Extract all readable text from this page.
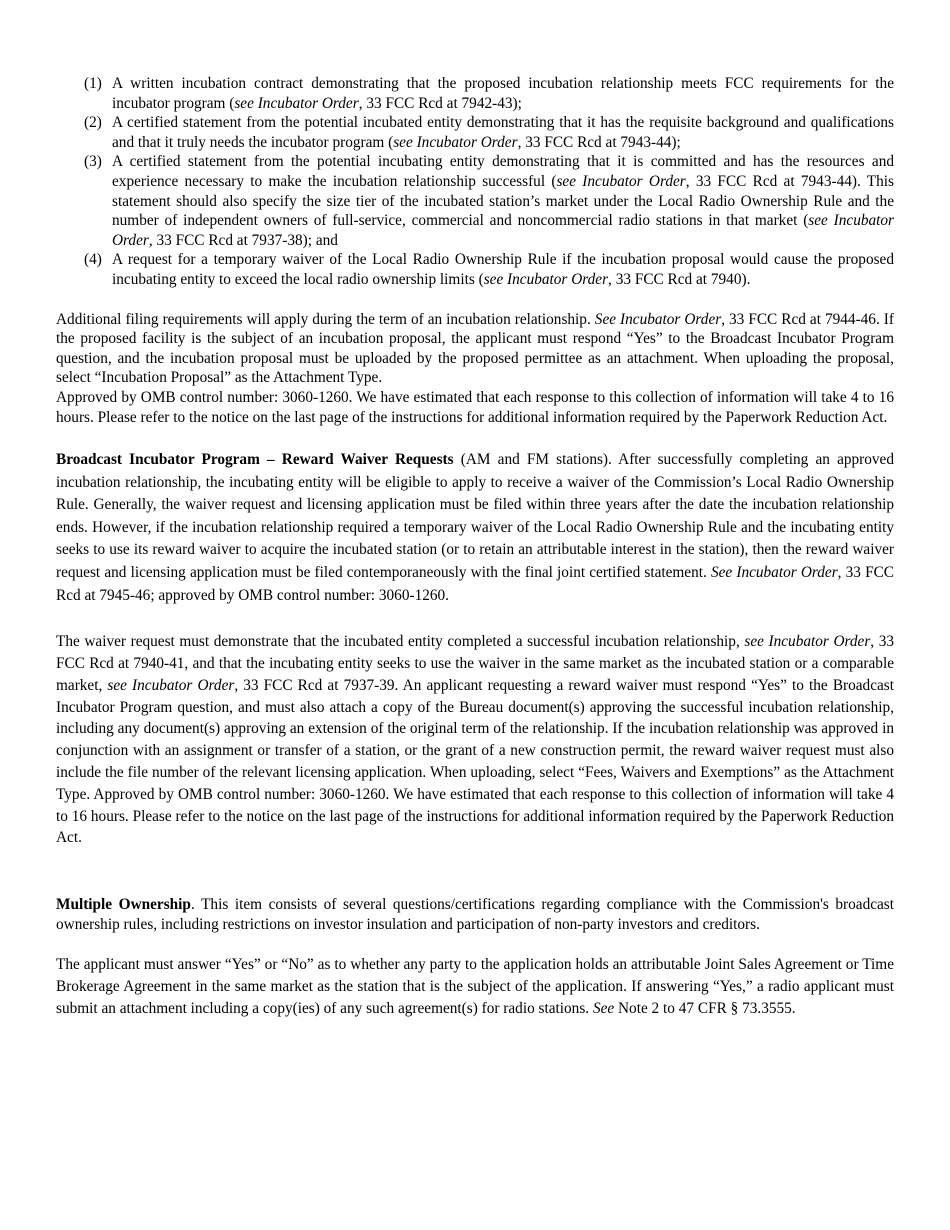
(1) A written incubation contract demonstrating that the proposed incubation relationship meets FCC requirements for the incubator program (see Incubator Order, 33 FCC Rcd at 7942-43);
(2) A certified statement from the potential incubated entity demonstrating that it has the requisite background and qualifications and that it truly needs the incubator program (see Incubator Order, 33 FCC Rcd at 7943-44);
(3) A certified statement from the potential incubating entity demonstrating that it is committed and has the resources and experience necessary to make the incubation relationship successful (see Incubator Order, 33 FCC Rcd at 7943-44). This statement should also specify the size tier of the incubated station’s market under the Local Radio Ownership Rule and the number of independent owners of full-service, commercial and noncommercial radio stations in that market (see Incubator Order, 33 FCC Rcd at 7937-38); and
(4) A request for a temporary waiver of the Local Radio Ownership Rule if the incubation proposal would cause the proposed incubating entity to exceed the local radio ownership limits (see Incubator Order, 33 FCC Rcd at 7940).

Additional filing requirements will apply during the term of an incubation relationship. See Incubator Order, 33 FCC Rcd at 7944-46. If the proposed facility is the subject of an incubation proposal, the applicant must respond “Yes” to the Broadcast Incubator Program question, and the incubation proposal must be uploaded by the proposed permittee as an attachment. When uploading the proposal, select “Incubation Proposal” as the Attachment Type.
Approved by OMB control number: 3060-1260. We have estimated that each response to this collection of information will take 4 to 16 hours. Please refer to the notice on the last page of the instructions for additional information required by the Paperwork Reduction Act.

Broadcast Incubator Program – Reward Waiver Requests (AM and FM stations). After successfully completing an approved incubation relationship, the incubating entity will be eligible to apply to receive a waiver of the Commission’s Local Radio Ownership Rule. Generally, the waiver request and licensing application must be filed within three years after the date the incubation relationship ends. However, if the incubation relationship required a temporary waiver of the Local Radio Ownership Rule and the incubating entity seeks to use its reward waiver to acquire the incubated station (or to retain an attributable interest in the station), then the reward waiver request and licensing application must be filed contemporaneously with the final joint certified statement. See Incubator Order, 33 FCC Rcd at 7945-46; approved by OMB control number: 3060-1260.

The waiver request must demonstrate that the incubated entity completed a successful incubation relationship, see Incubator Order, 33 FCC Rcd at 7940-41, and that the incubating entity seeks to use the waiver in the same market as the incubated station or a comparable market, see Incubator Order, 33 FCC Rcd at 7937-39. An applicant requesting a reward waiver must respond “Yes” to the Broadcast Incubator Program question, and must also attach a copy of the Bureau document(s) approving the successful incubation relationship, including any document(s) approving an extension of the original term of the relationship. If the incubation relationship was approved in conjunction with an assignment or transfer of a station, or the grant of a new construction permit, the reward waiver request must also include the file number of the relevant licensing application. When uploading, select “Fees, Waivers and Exemptions” as the Attachment Type. Approved by OMB control number: 3060-1260. We have estimated that each response to this collection of information will take 4 to 16 hours. Please refer to the notice on the last page of the instructions for additional information required by the Paperwork Reduction Act.

Multiple Ownership. This item consists of several questions/certifications regarding compliance with the Commission's broadcast ownership rules, including restrictions on investor insulation and participation of non-party investors and creditors.

The applicant must answer “Yes” or “No” as to whether any party to the application holds an attributable Joint Sales Agreement or Time Brokerage Agreement in the same market as the station that is the subject of the application. If answering “Yes,” a radio applicant must submit an attachment including a copy(ies) of any such agreement(s) for radio stations. See Note 2 to 47 CFR § 73.3555.
